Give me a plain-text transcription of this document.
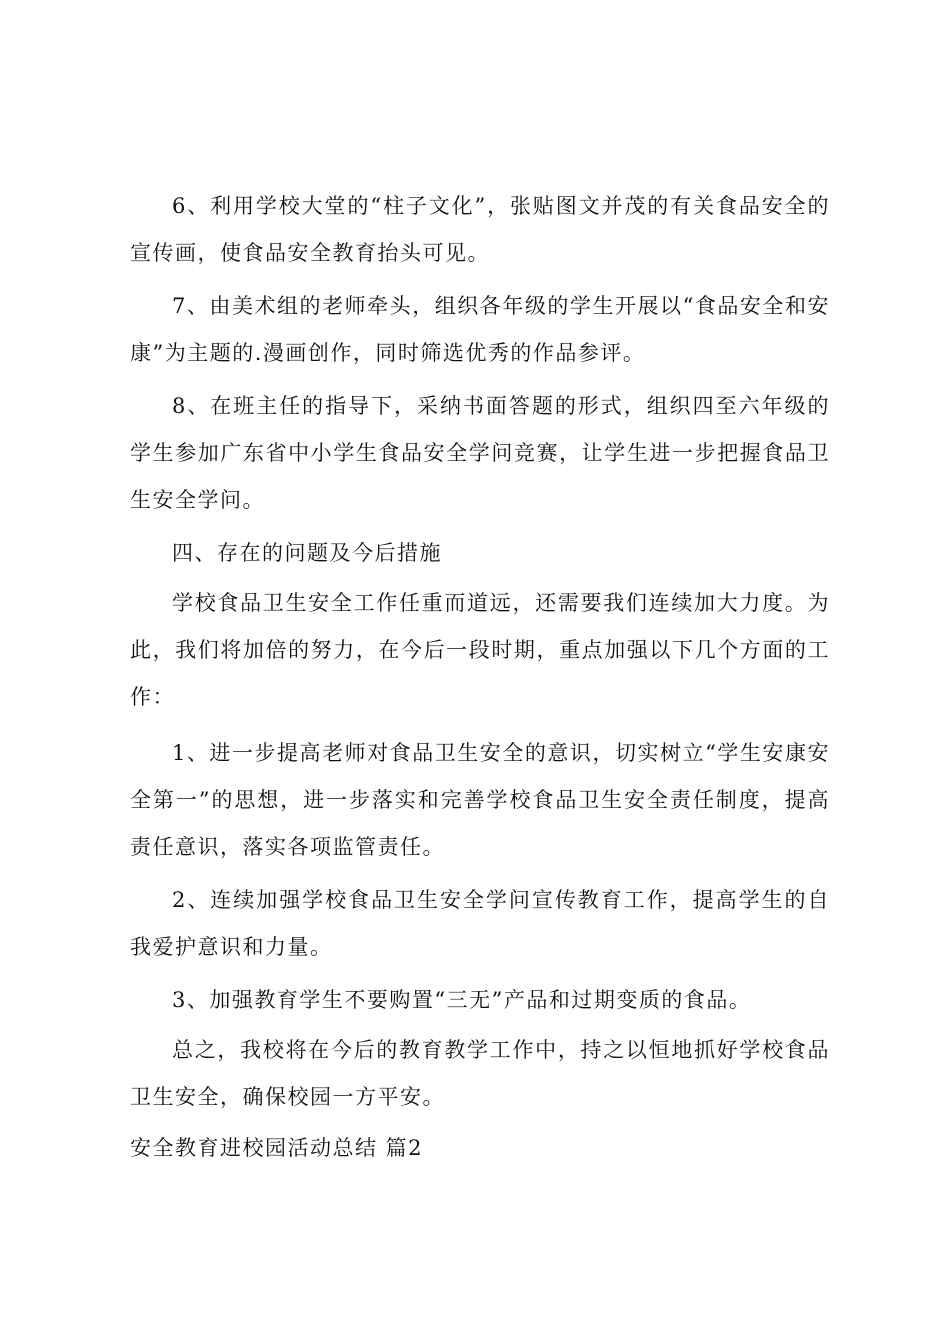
6、利用学校大堂的“柱子文化”，张贴图文并茂的有关食品安全的宣传画，使食品安全教育抬头可见。

7、由美术组的老师牵头，组织各年级的学生开展以“食品安全和安康”为主题的.漫画创作，同时筛选优秀的作品参评。

8、在班主任的指导下，采纳书面答题的形式，组织四至六年级的学生参加广东省中小学生食品安全学问竞赛，让学生进一步把握食品卫生安全学问。

四、存在的问题及今后措施

学校食品卫生安全工作任重而道远，还需要我们连续加大力度。为此，我们将加倍的努力，在今后一段时期，重点加强以下几个方面的工作：

1、进一步提高老师对食品卫生安全的意识，切实树立“学生安康安全第一”的思想，进一步落实和完善学校食品卫生安全责任制度，提高责任意识，落实各项监管责任。

2、连续加强学校食品卫生安全学问宣传教育工作，提高学生的自我爱护意识和力量。

3、加强教育学生不要购置“三无”产品和过期变质的食品。

总之，我校将在今后的教育教学工作中，持之以恒地抓好学校食品卫生安全，确保校园一方平安。

安全教育进校园活动总结 篇2
